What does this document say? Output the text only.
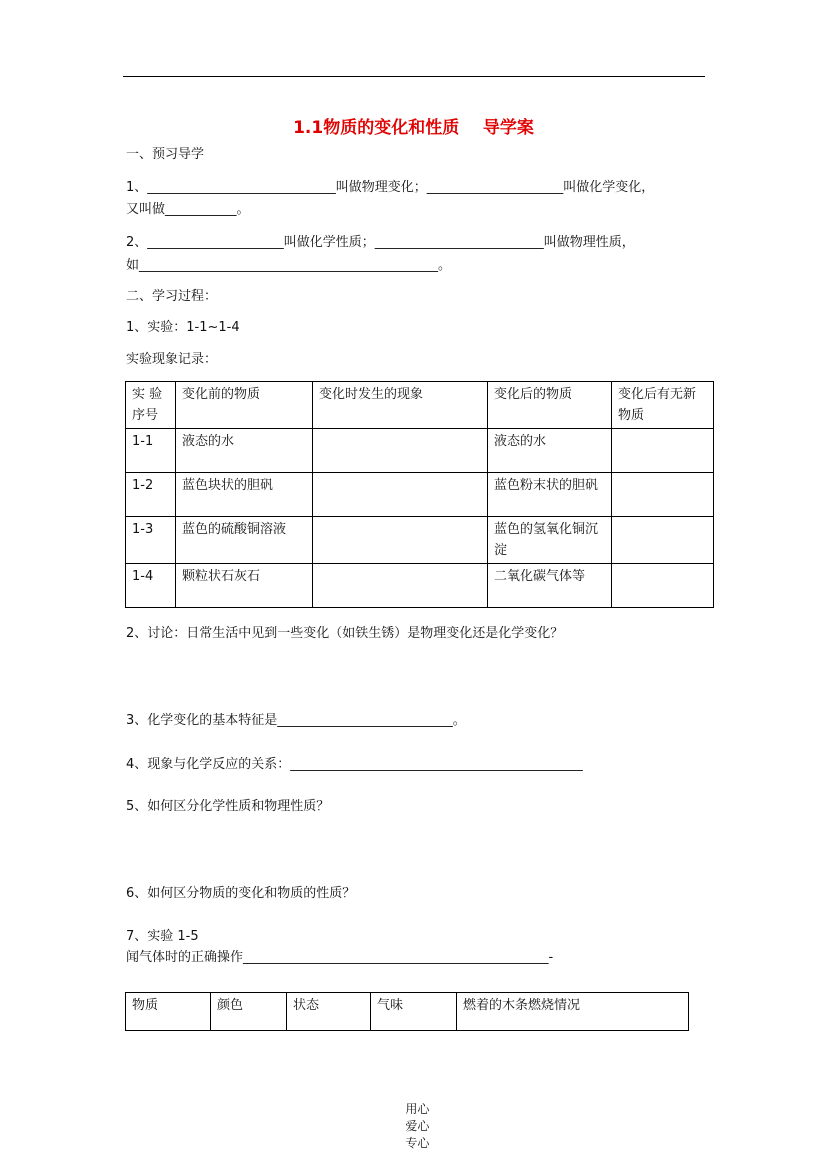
1.1物质的变化和性质    导学案
一、预习导学
1、_____________________________叫做物理变化；_____________________叫做化学变化，
又叫做___________。
2、_____________________叫做化学性质；__________________________叫做物理性质，
如______________________________________________。
二、学习过程：
1、实验：1-1~1-4
实验现象记录：
实 验序号	变化前的物质	变化时发生的现象	变化后的物质	变化后有无新物质
1-1	液态的水		液态的水	
1-2	蓝色块状的胆矾		蓝色粉末状的胆矾	
1-3	蓝色的硫酸铜溶液		蓝色的氢氧化铜沉淀	
1-4	颗粒状石灰石		二氧化碳气体等	
2、讨论：日常生活中见到一些变化（如铁生锈）是物理变化还是化学变化？
3、化学变化的基本特征是___________________________。
4、现象与化学反应的关系：_____________________________________________
5、如何区分化学性质和物理性质？
6、如何区分物质的变化和物质的性质？
7、实验 1-5
闻气体时的正确操作_______________________________________________-
物质	颜色	状态	气味	燃着的木条燃烧情况

用心
爱心
专心
